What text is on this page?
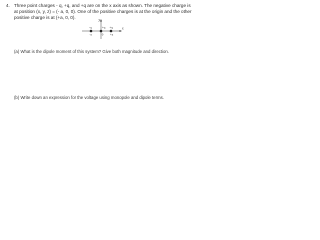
4. Three point charges - q, +q, and +q are on the x axis as shown. The negative charge is at position (x, y, z) = (- a, 0, 0). One of the positive charges is at the origin and the other positive charge is at (+a, 0, 0).	y
x
-q	+q +q
-a	0 +a
(a) What is the dipole moment of this system? Give both magnitude and direction.
(b) Write down an expression for the voltage using monopole and dipole terms.
